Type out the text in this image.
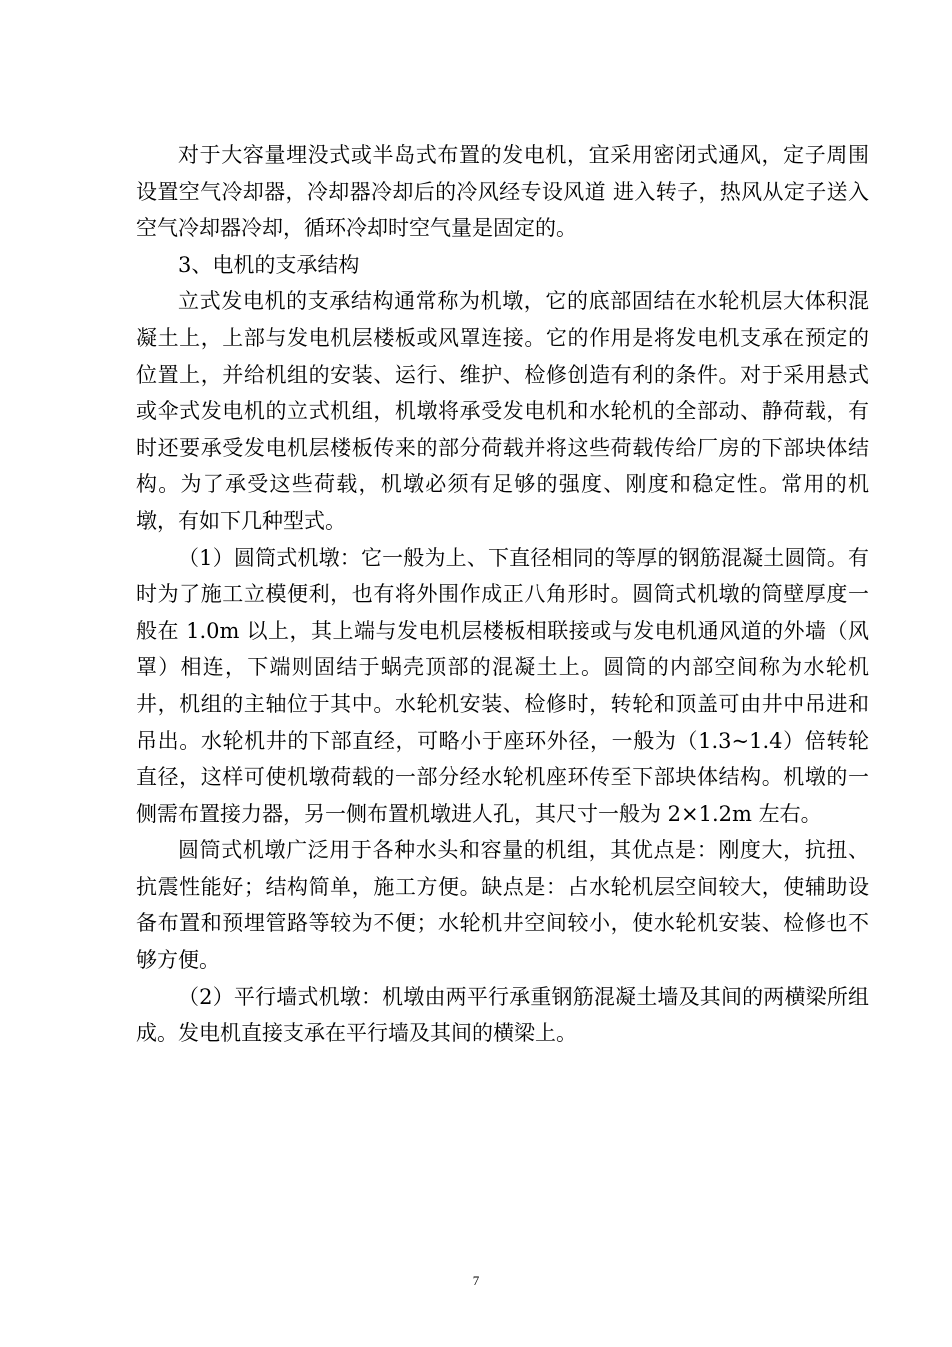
对于大容量埋没式或半岛式布置的发电机，宜采用密闭式通风，定子周围设置空气冷却器，冷却器冷却后的冷风经专设风道 进入转子，热风从定子送入空气冷却器冷却，循环冷却时空气量是固定的。

3、电机的支承结构

立式发电机的支承结构通常称为机墩，它的底部固结在水轮机层大体积混凝土上，上部与发电机层楼板或风罩连接。它的作用是将发电机支承在预定的位置上，并给机组的安装、运行、维护、检修创造有利的条件。对于采用悬式或伞式发电机的立式机组，机墩将承受发电机和水轮机的全部动、静荷载，有时还要承受发电机层楼板传来的部分荷载并将这些荷载传给厂房的下部块体结构。为了承受这些荷载，机墩必须有足够的强度、刚度和稳定性。常用的机墩，有如下几种型式。

（1）圆筒式机墩：它一般为上、下直径相同的等厚的钢筋混凝土圆筒。有时为了施工立模便利，也有将外围作成正八角形时。圆筒式机墩的筒壁厚度一般在 1.0m 以上，其上端与发电机层楼板相联接或与发电机通风道的外墙（风罩）相连，下端则固结于蜗壳顶部的混凝土上。圆筒的内部空间称为水轮机井，机组的主轴位于其中。水轮机安装、检修时，转轮和顶盖可由井中吊进和吊出。水轮机井的下部直经，可略小于座环外径，一般为（1.3~1.4）倍转轮直径，这样可使机墩荷载的一部分经水轮机座环传至下部块体结构。机墩的一侧需布置接力器，另一侧布置机墩进人孔，其尺寸一般为 2×1.2m 左右。

圆筒式机墩广泛用于各种水头和容量的机组，其优点是：刚度大，抗扭、抗震性能好；结构简单，施工方便。缺点是：占水轮机层空间较大，使辅助设备布置和预埋管路等较为不便；水轮机井空间较小，使水轮机安装、检修也不够方便。

（2）平行墙式机墩：机墩由两平行承重钢筋混凝土墙及其间的两横梁所组成。发电机直接支承在平行墙及其间的横梁上。

7
